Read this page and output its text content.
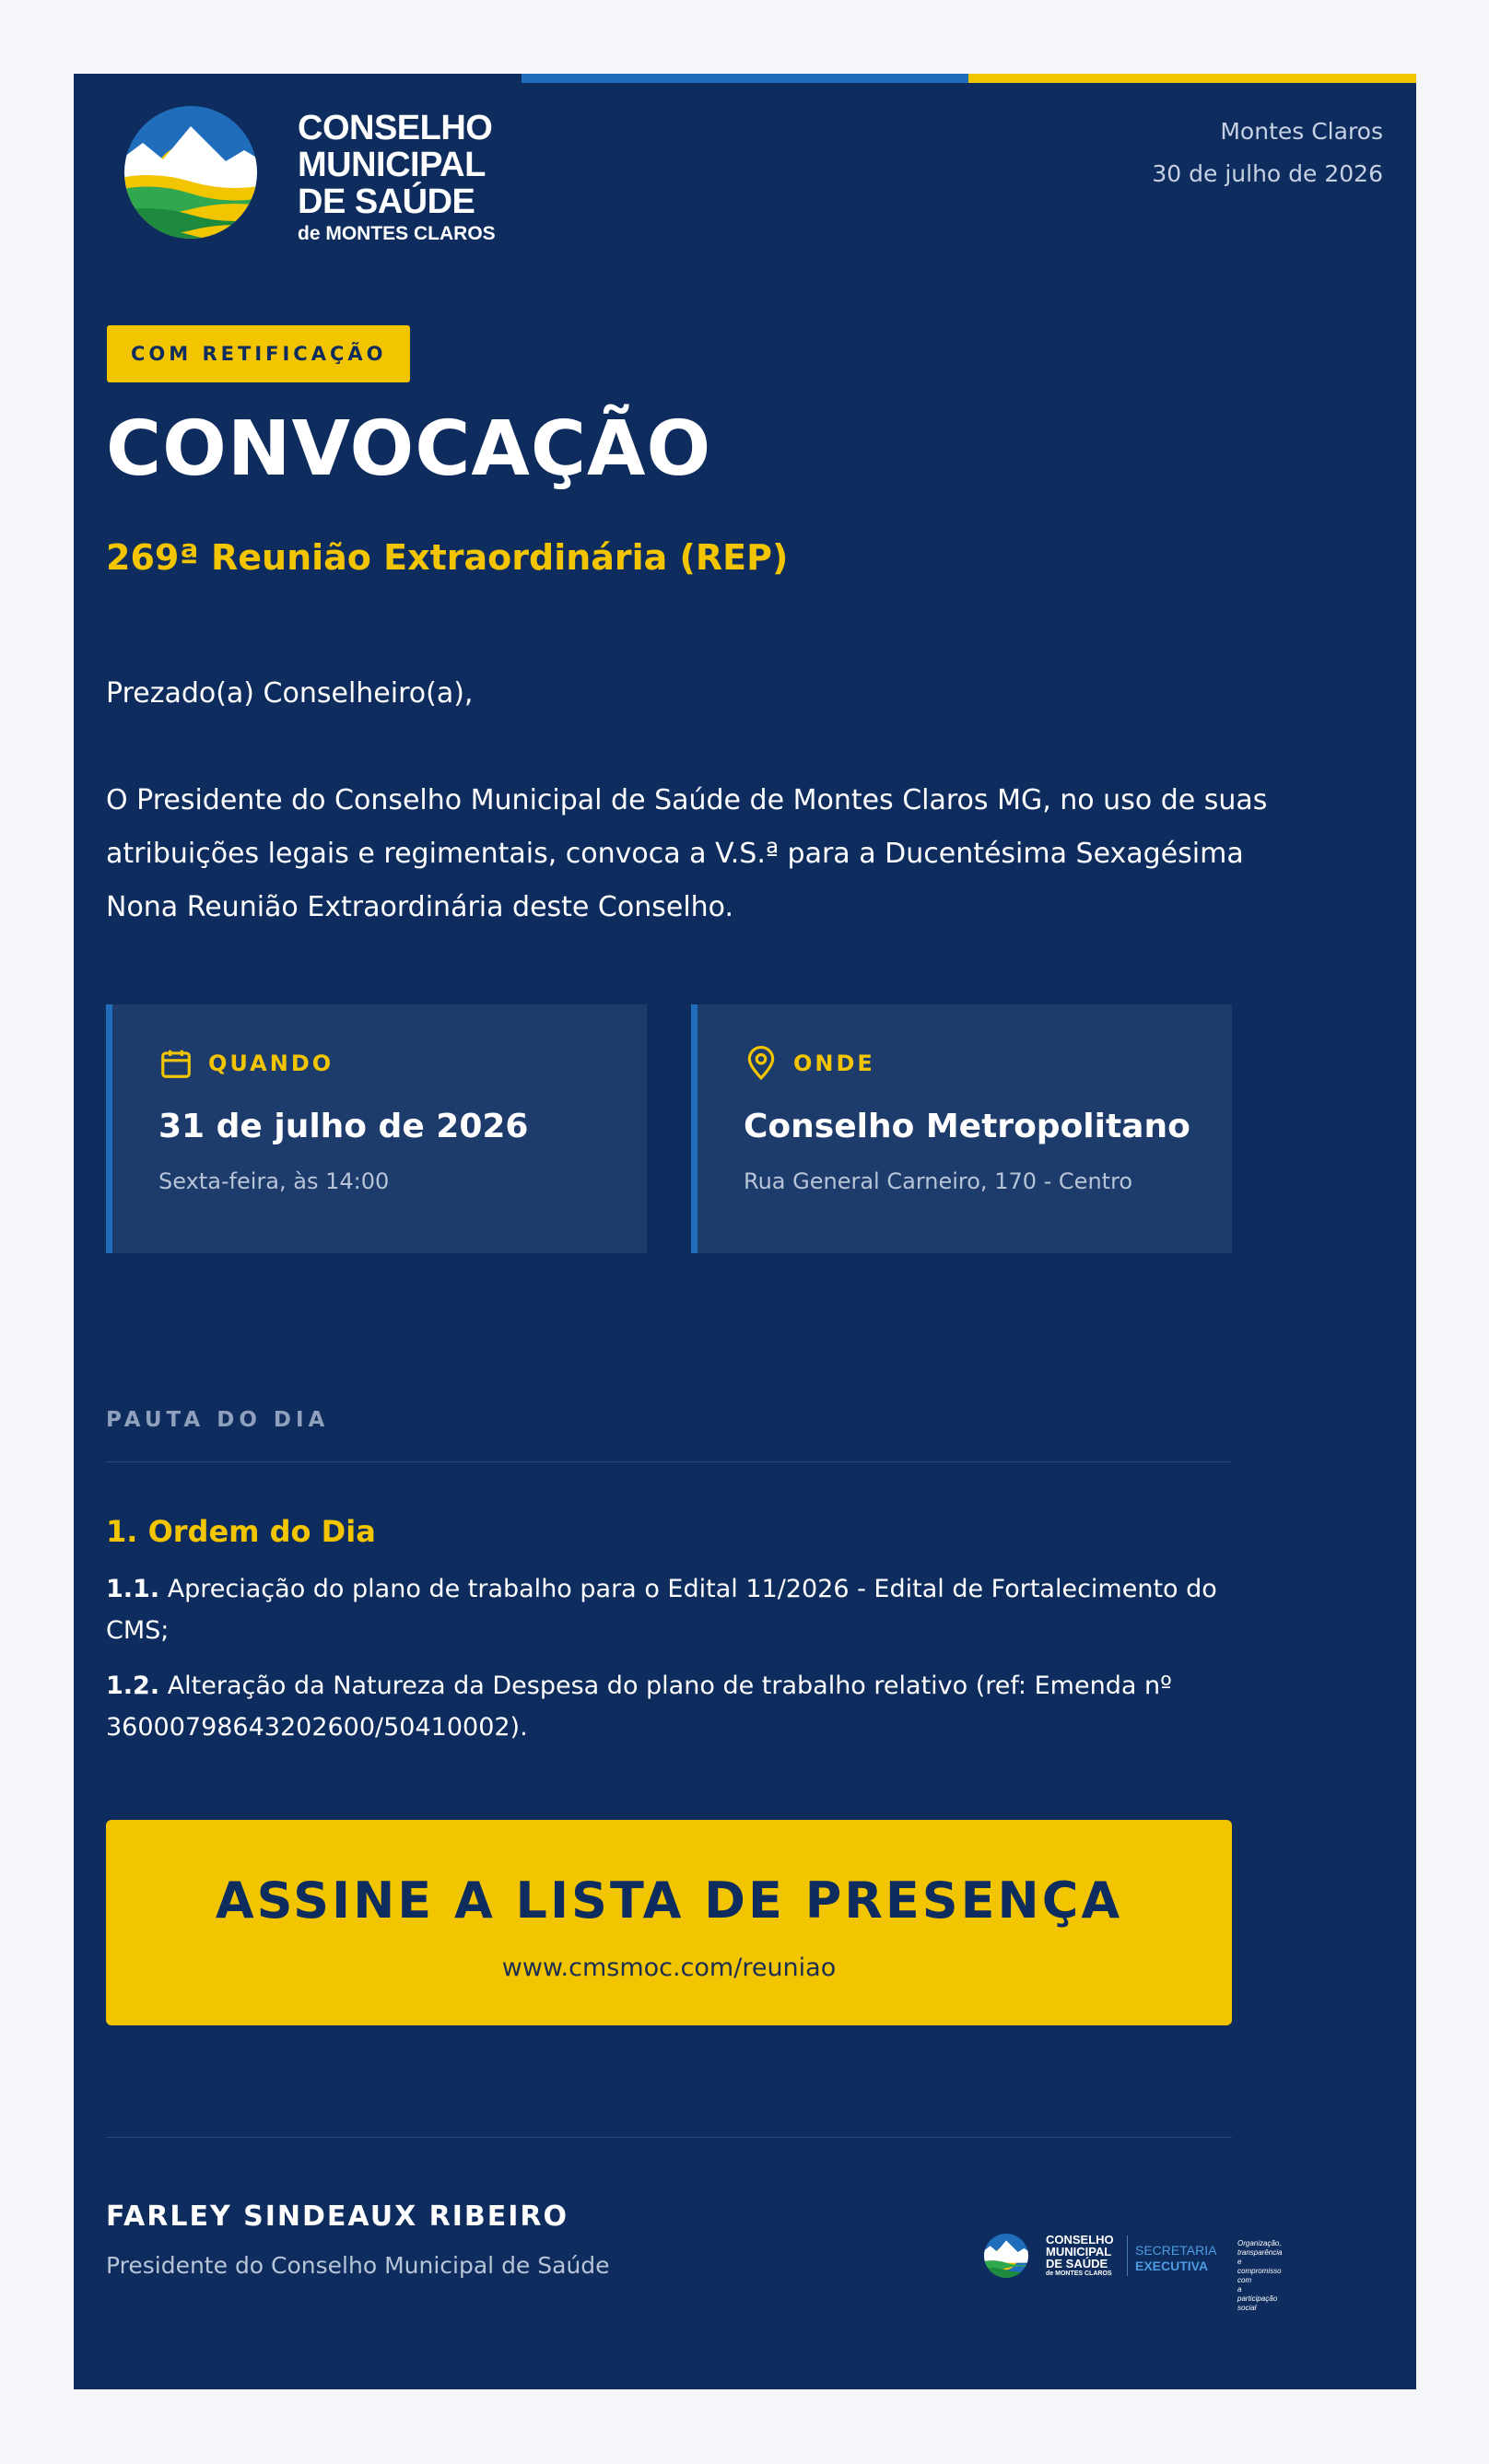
CONSELHO
MUNICIPAL
DE SAÚDE
de MONTES CLAROS
Montes Claros
30 de julho de 2026
COM RETIFICAÇÃO
CONVOCAÇÃO
269ª Reunião Extraordinária (REP)
Prezado(a) Conselheiro(a),
O Presidente do Conselho Municipal de Saúde de Montes Claros MG, no uso de suas atribuições legais e regimentais, convoca a V.S.ª para a Ducentésima Sexagésima Nona Reunião Extraordinária deste Conselho.
QUANDO
31 de julho de 2026
Sexta-feira, às 14:00
ONDE
Conselho Metropolitano
Rua General Carneiro, 170 - Centro
PAUTA DO DIA
1. Ordem do Dia
1.1. Apreciação do plano de trabalho para o Edital 11/2026 - Edital de Fortalecimento do CMS;
1.2. Alteração da Natureza da Despesa do plano de trabalho relativo (ref: Emenda nº 36000798643202600/50410002).
ASSINE A LISTA DE PRESENÇA
www.cmsmoc.com/reuniao
FARLEY SINDEAUX RIBEIRO
Presidente do Conselho Municipal de Saúde
CONSELHO
MUNICIPAL
DE SAÚDE
de MONTES CLAROS
SECRETARIA
EXECUTIVA
Organização,
transparência e
compromisso com
a participação social
